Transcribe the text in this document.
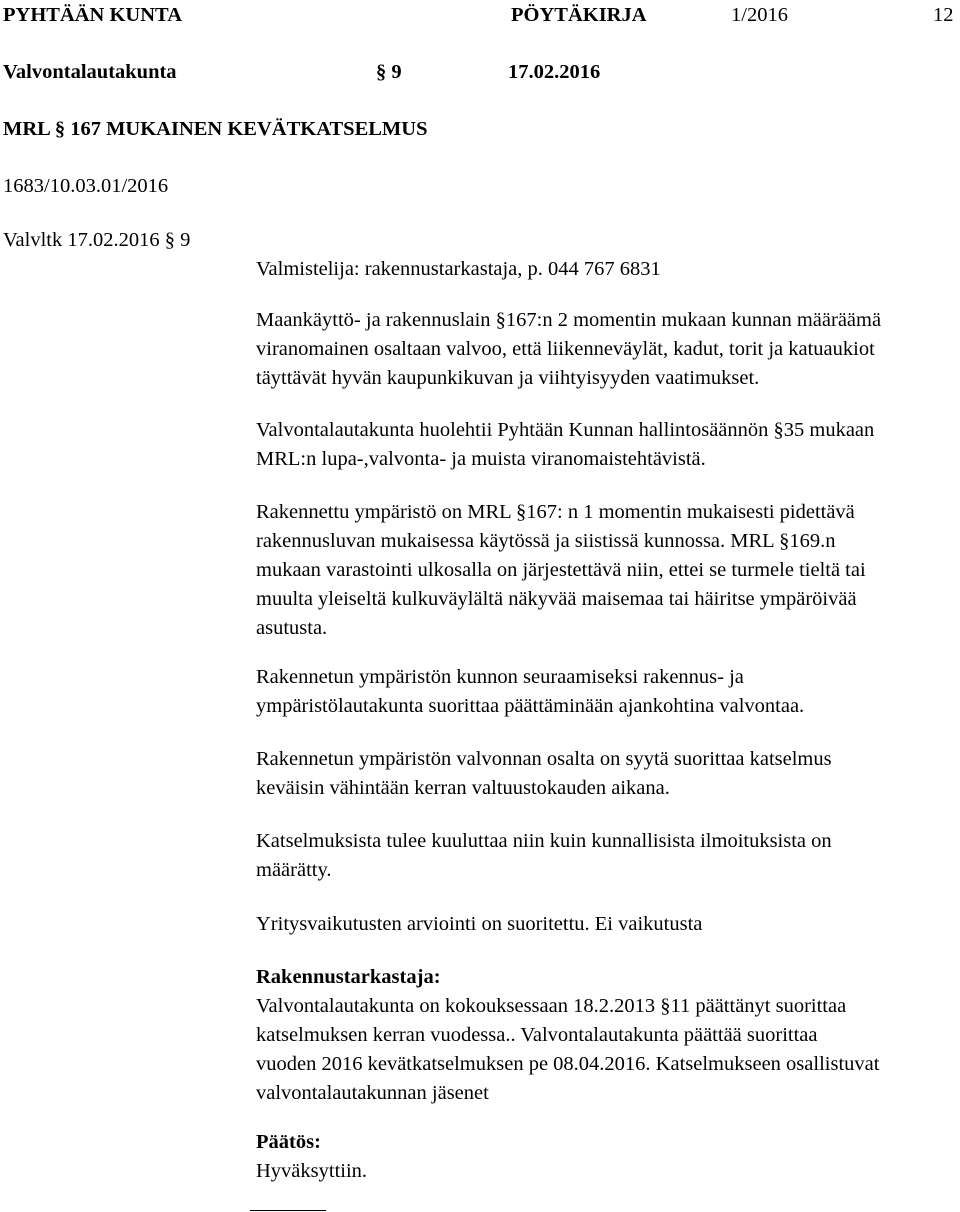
PYHTÄÄN KUNTA	PÖYTÄKIRJA	1/2016	12
Valvontalautakunta	§ 9	17.02.2016
MRL § 167 MUKAINEN KEVÄTKATSELMUS
1683/10.03.01/2016
Valvltk 17.02.2016 § 9
Valmistelija: rakennustarkastaja, p. 044 767 6831
Maankäyttö- ja rakennuslain §167:n 2 momentin mukaan kunnan määräämä
viranomainen osaltaan valvoo, että liikenneväylät, kadut, torit ja katuaukiot
täyttävät hyvän kaupunkikuvan ja viihtyisyyden vaatimukset.
Valvontalautakunta huolehtii Pyhtään Kunnan hallintosäännön §35 mukaan
MRL:n lupa-,valvonta- ja muista viranomaistehtävistä.
Rakennettu ympäristö on MRL §167: n 1 momentin mukaisesti pidettävä
rakennusluvan mukaisessa käytössä ja siistissä kunnossa. MRL §169.n
mukaan varastointi ulkosalla on järjestettävä niin, ettei se turmele tieltä tai
muulta yleiseltä kulkuväylältä näkyvää maisemaa tai häiritse ympäröivää
asutusta.
Rakennetun ympäristön kunnon seuraamiseksi rakennus- ja
ympäristölautakunta suorittaa päättäminään ajankohtina valvontaa.
Rakennetun ympäristön valvonnan osalta on syytä suorittaa katselmus
keväisin vähintään kerran valtuustokauden aikana.
Katselmuksista tulee kuuluttaa niin kuin kunnallisista ilmoituksista on
määrätty.
Yritysvaikutusten arviointi on suoritettu. Ei vaikutusta
Rakennustarkastaja:
Valvontalautakunta on kokouksessaan 18.2.2013 §11 päättänyt suorittaa
katselmuksen kerran vuodessa.. Valvontalautakunta päättää suorittaa
vuoden 2016 kevätkatselmuksen pe 08.04.2016. Katselmukseen osallistuvat
valvontalautakunnan jäsenet
Päätös:
Hyväksyttiin.
